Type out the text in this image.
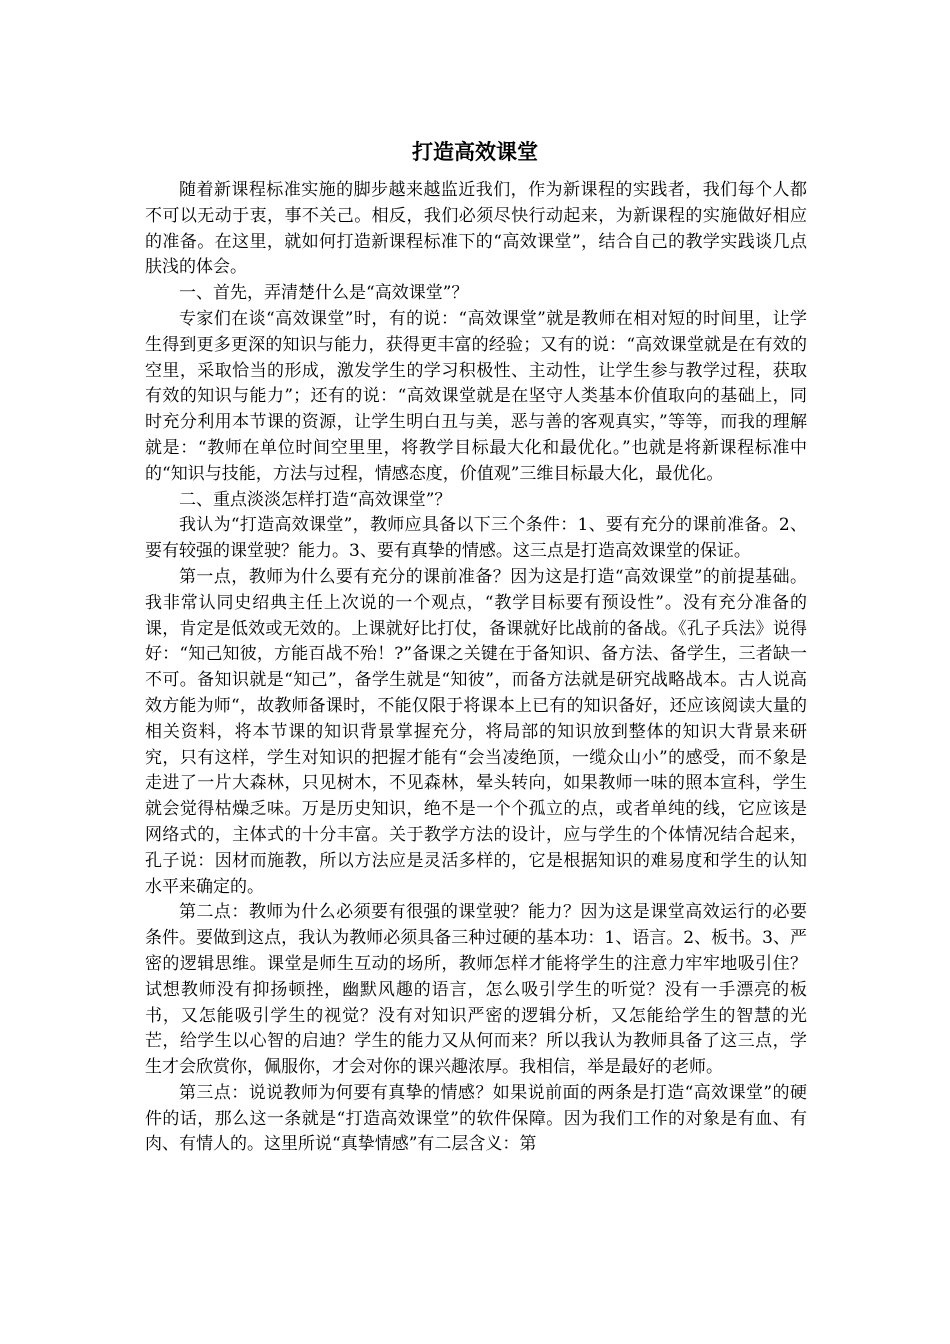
打造高效课堂

随着新课程标准实施的脚步越来越监近我们，作为新课程的实践者，我们每个人都不可以无动于衷，事不关己。相反，我们必须尽快行动起来，为新课程的实施做好相应的准备。在这里，就如何打造新课程标准下的“高效课堂”，结合自己的教学实践谈几点肤浅的体会。

一、首先，弄清楚什么是“高效课堂”？

专家们在谈“高效课堂”时，有的说：“高效课堂”就是教师在相对短的时间里，让学生得到更多更深的知识与能力，获得更丰富的经验；又有的说：“高效课堂就是在有效的空里，采取恰当的形成，激发学生的学习积极性、主动性，让学生参与教学过程，获取有效的知识与能力”；还有的说：“高效课堂就是在坚守人类基本价值取向的基础上，同时充分利用本节课的资源，让学生明白丑与美，恶与善的客观真实，”等等，而我的理解就是：“教师在单位时间空里里，将教学目标最大化和最优化。”也就是将新课程标准中的“知识与技能，方法与过程，情感态度，价值观”三维目标最大化，最优化。

二、重点淡淡怎样打造“高效课堂”？

我认为“打造高效课堂”，教师应具备以下三个条件：1、要有充分的课前准备。2、要有较强的课堂驶？能力。3、要有真挚的情感。这三点是打造高效课堂的保证。

第一点，教师为什么要有充分的课前准备？因为这是打造“高效课堂”的前提基础。我非常认同史绍典主任上次说的一个观点，“教学目标要有预设性”。没有充分准备的课，肯定是低效或无效的。上课就好比打仗，备课就好比战前的备战。《孔子兵法》说得好：“知己知彼，方能百战不殆！?”备课之关键在于备知识、备方法、备学生，三者缺一不可。备知识就是“知己”，备学生就是“知彼”，而备方法就是研究战略战本。古人说高效方能为师“，故教师备课时，不能仅限于将课本上已有的知识备好，还应该阅读大量的相关资料，将本节课的知识背景掌握充分，将局部的知识放到整体的知识大背景来研究，只有这样，学生对知识的把握才能有“会当凌绝顶，一缆众山小”的感受，而不象是走进了一片大森林，只见树木，不见森林，晕头转向，如果教师一味的照本宣科，学生就会觉得枯燥乏味。万是历史知识，绝不是一个个孤立的点，或者单纯的线，它应该是网络式的，主体式的十分丰富。关于教学方法的设计，应与学生的个体情况结合起来，孔子说：因材而施教，所以方法应是灵活多样的，它是根据知识的难易度和学生的认知水平来确定的。

第二点：教师为什么必须要有很强的课堂驶？能力？因为这是课堂高效运行的必要条件。要做到这点，我认为教师必须具备三种过硬的基本功：1、语言。2、板书。3、严密的逻辑思维。课堂是师生互动的场所，教师怎样才能将学生的注意力牢牢地吸引住？试想教师没有抑扬顿挫，幽默风趣的语言，怎么吸引学生的听觉？没有一手漂亮的板书，又怎能吸引学生的视觉？没有对知识严密的逻辑分析，又怎能给学生的智慧的光芒，给学生以心智的启迪？学生的能力又从何而来？所以我认为教师具备了这三点，学生才会欣赏你，佩服你，才会对你的课兴趣浓厚。我相信，举是最好的老师。

第三点：说说教师为何要有真挚的情感？如果说前面的两条是打造“高效课堂”的硬件的话，那么这一条就是“打造高效课堂”的软件保障。因为我们工作的对象是有血、有肉、有情人的。这里所说“真挚情感”有二层含义：第
